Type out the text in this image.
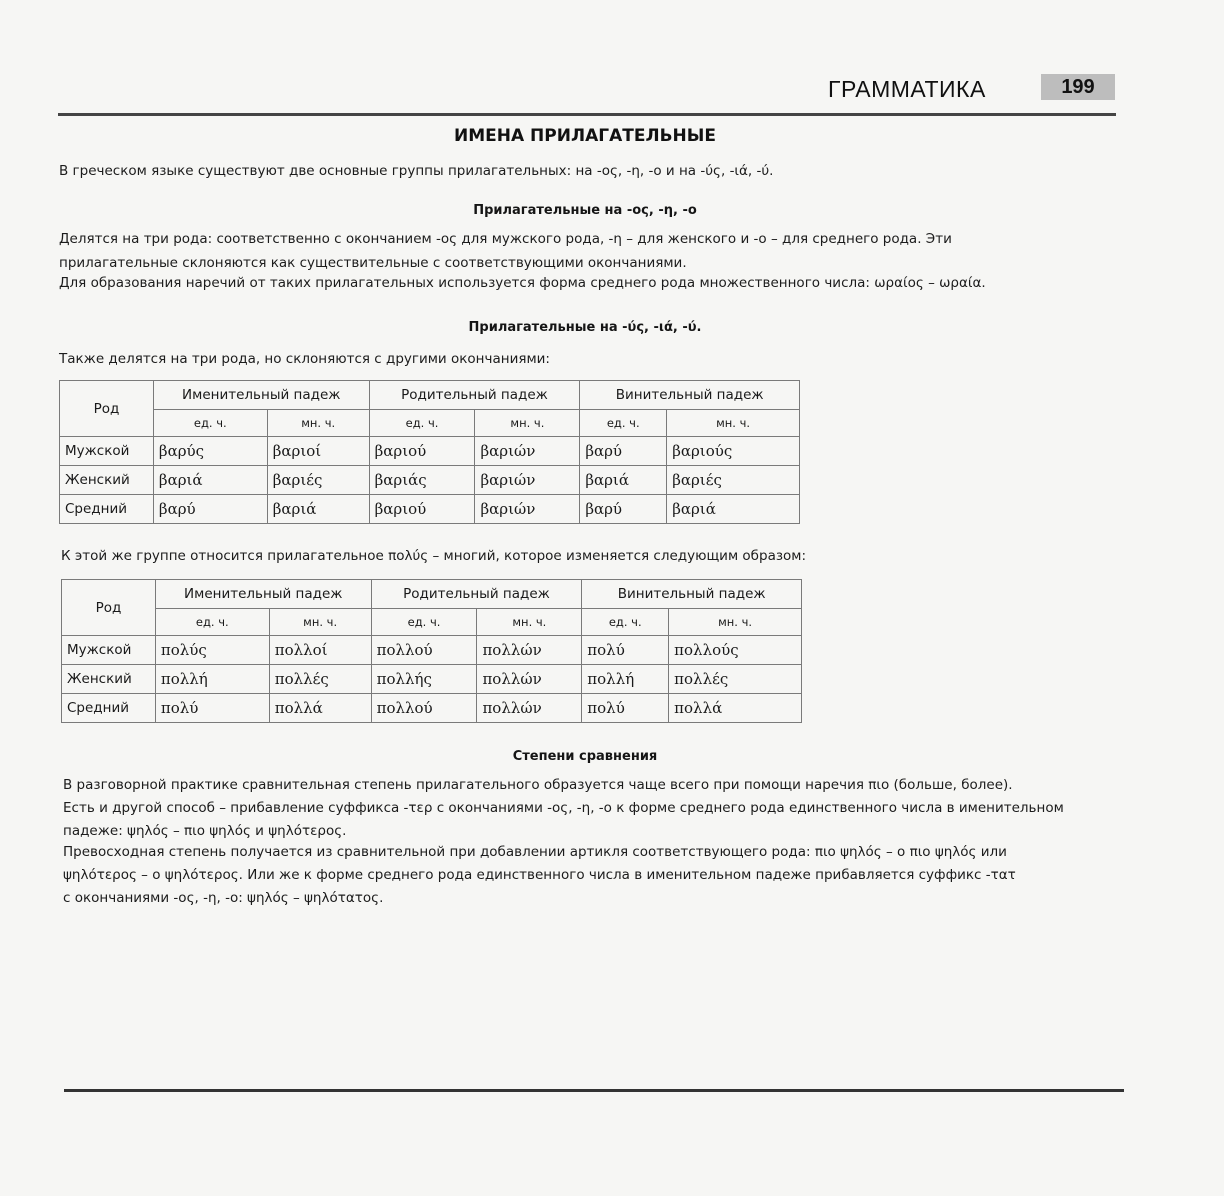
ГРАММАТИКА	199
ИМЕНА ПРИЛАГАТЕЛЬНЫЕ
В греческом языке существуют две основные группы прилагательных: на -ος, -η, -ο и на -ύς, -ιά, -ύ.
Прилагательные на -ος, -η, -ο
Делятся на три рода: соответственно с окончанием -ος для мужского рода, -η – для женского и -ο – для среднего рода. Эти
прилагательные склоняются как существительные с соответствующими окончаниями.
Для образования наречий от таких прилагательных используется форма среднего рода множественного числа: ωραίος – ωραία.
Прилагательные на -ύς, -ιά, -ύ.
Также делятся на три рода, но склоняются с другими окончаниями:
Род	Именительный падеж		Родительный падеж		Винительный падеж	
	ед. ч.	мн. ч.	ед. ч.	мн. ч.	ед. ч.	мн. ч.
Мужской	βαρύς	βαριοί	βαριού	βαριών	βαρύ	βαριούς
Женский	βαριά	βαριές	βαριάς	βαριών	βαριά	βαριές
Средний	βαρύ	βαριά	βαριού	βαριών	βαρύ	βαριά
К этой же группе относится прилагательное πολύς – многий, которое изменяется следующим образом:
Род	Именительный падеж		Родительный падеж		Винительный падеж	
	ед. ч.	мн. ч.	ед. ч.	мн. ч.	ед. ч.	мн. ч.
Мужской	πολύς	πολλοί	πολλού	πολλών	πολύ	πολλούς
Женский	πολλή	πολλές	πολλής	πολλών	πολλή	πολλές
Средний	πολύ	πολλά	πολλού	πολλών	πολύ	πολλά
Степени сравнения
В разговорной практике сравнительная степень прилагательного образуется чаще всего при помощи наречия πιο (больше, более).
Есть и другой способ – прибавление суффикса -τερ с окончаниями -ος, -η, -ο к форме среднего рода единственного числа в именительном
падеже: ψηλός – πιο ψηλός и ψηλότερος.
Превосходная степень получается из сравнительной при добавлении артикля соответствующего рода: πιο ψηλός – ο πιο ψηλός или
ψηλότερος – ο ψηλότερος. Или же к форме среднего рода единственного числа в именительном падеже прибавляется суффикс -τατ
с окончаниями -ος, -η, -ο: ψηλός – ψηλότατος.
